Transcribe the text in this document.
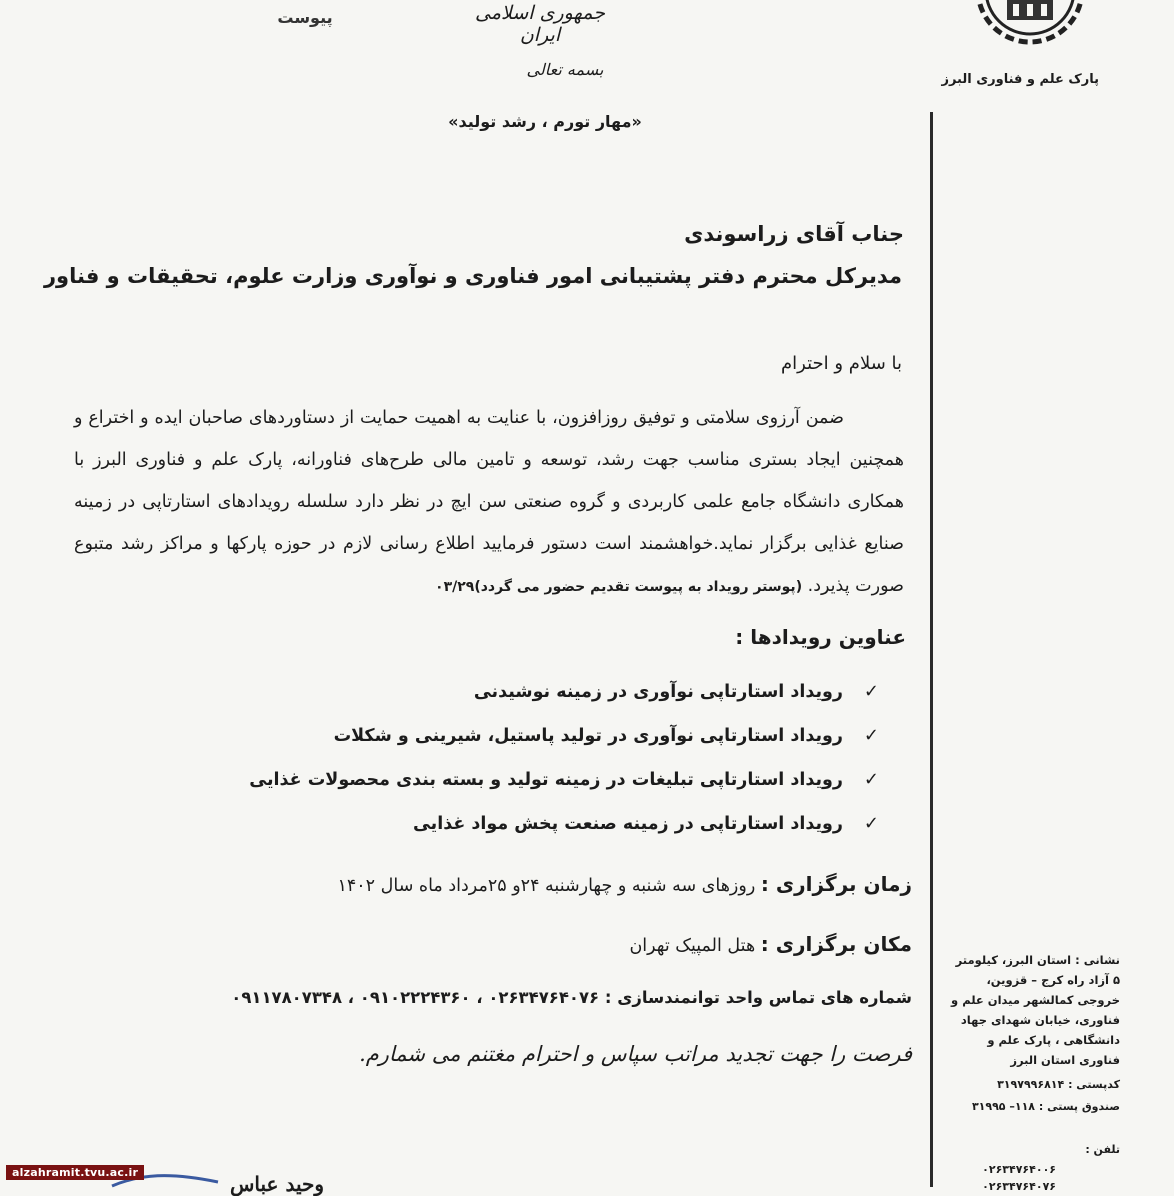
پارک علم و فناوری البرز
جمهوری اسلامی ایران
بسمه تعالی
«مهار تورم ، رشد تولید»
پیوست
جناب آقای زراسوندی
مدیرکل محترم دفتر پشتیبانی امور فناوری و نوآوری وزارت علوم، تحقیقات و فناور
با سلام و احترام

ضمن آرزوی سلامتی و توفیق روزافزون، با عنایت به اهمیت حمایت از دستاوردهای صاحبان ایده و اختراع و همچنین ایجاد بستری مناسب جهت رشد، توسعه و تامین مالی طرح‌های فناورانه، پارک علم و فناوری البرز با همکاری دانشگاه جامع علمی کاربردی و گروه صنعتی سن ایچ در نظر دارد سلسله رویدادهای استارتاپی در زمینه صنایع غذایی برگزار نماید.خواهشمند است دستور فرمایید اطلاع رسانی لازم در حوزه پارکها و مراکز رشد متبوع صورت پذیرد. (پوستر رویداد به پیوست تقدیم حضور می گردد)۰۳/۲۹

عناوین رویدادها :
✓رویداد استارتاپی نوآوری در زمینه نوشیدنی
✓رویداد استارتاپی نوآوری در تولید پاستیل، شیرینی و شکلات
✓رویداد استارتاپی تبلیغات در زمینه تولید و بسته بندی محصولات غذایی
✓رویداد استارتاپی در زمینه صنعت پخش مواد غذایی
زمان برگزاری : روزهای سه شنبه و چهارشنبه ۲۴و ۲۵مرداد ماه سال ۱۴۰۲
مکان برگزاری : هتل المپیک تهران
شماره های تماس واحد توانمندسازی : ۰۲۶۳۴۷۶۴۰۷۶ ، ۰۹۱۰۲۲۲۴۳۶۰ ، ۰۹۱۱۷۸۰۷۳۴۸
فرصت را جهت تجدید مراتب سپاس و احترام مغتنم می شمارم.
نشانی : استان البرز، کیلومتر ۵ آزاد راه کرج – قزوین، خروجی کمالشهر میدان علم و فناوری، خیابان شهدای جهاد دانشگاهی ، پارک علم و فناوری استان البرز
کدپستی : ۳۱۹۷۹۹۶۸۱۴
صندوق پستی : ۱۱۸– ۳۱۹۹۵
تلفن :
۰۲۶۳۴۷۶۴۰۰۶
۰۲۶۳۴۷۶۴۰۷۶
وحید عباس
alzahramit.tvu.ac.ir
